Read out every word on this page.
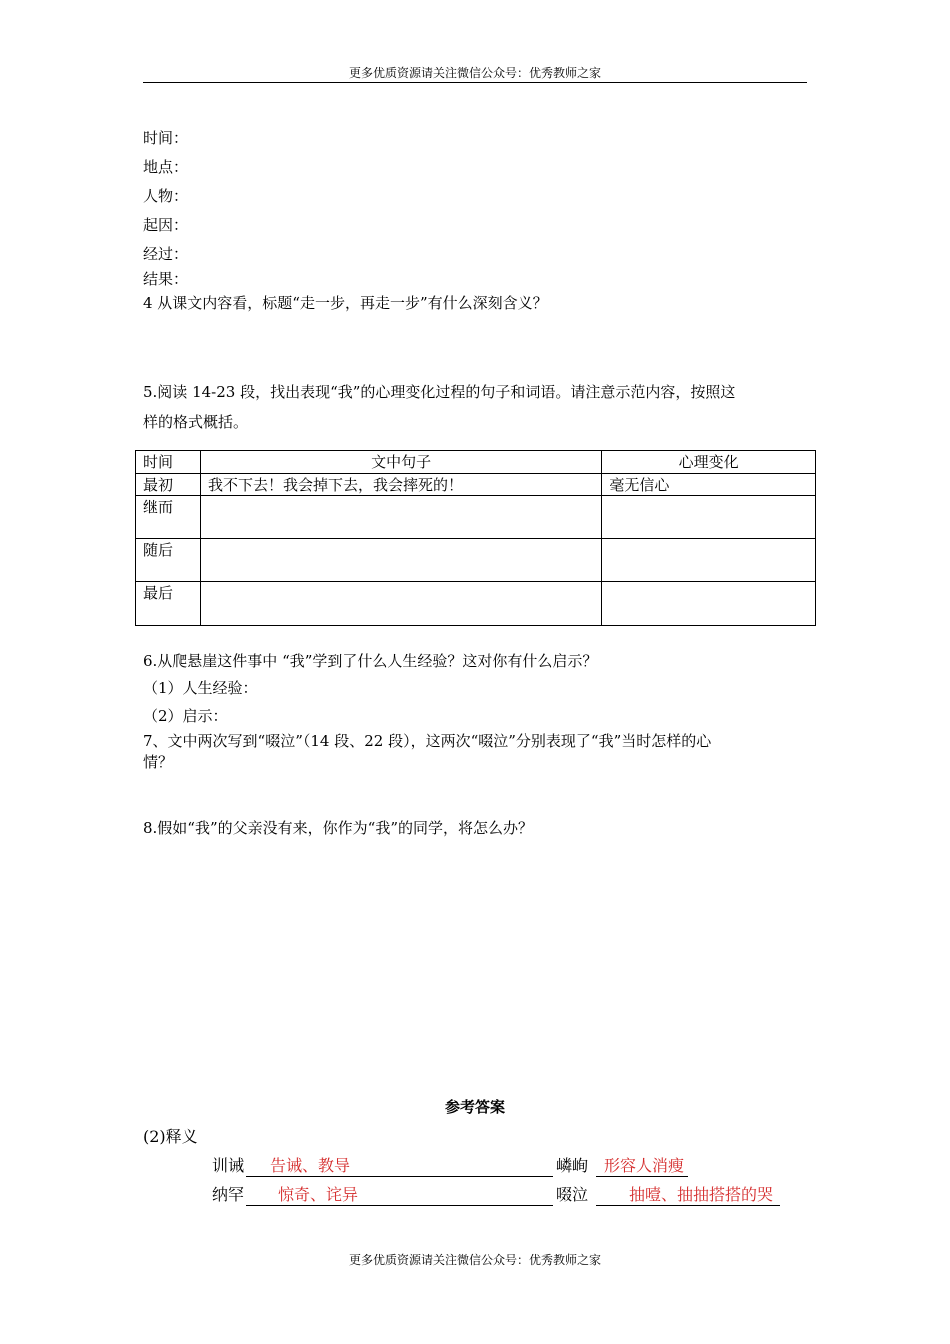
更多优质资源请关注微信公众号：优秀教师之家
时间：
地点：
人物：
起因：
经过：
结果：
4 从课文内容看，标题“走一步，再走一步”有什么深刻含义？
5.阅读 14-23 段，找出表现“我”的心理变化过程的句子和词语。请注意示范内容，按照这
样的格式概括。
时间	文中句子	心理变化
最初	我不下去！我会掉下去，我会摔死的！	毫无信心
继而		
随后		
最后		
6.从爬悬崖这件事中 “我”学到了什么人生经验？这对你有什么启示？
（1）人生经验：
（2）启示：
7、文中两次写到“啜泣”（14 段、22 段），这两次“啜泣”分别表现了“我”当时怎样的心
情？
8.假如“我”的父亲没有来，你作为“我”的同学，将怎么办？
参考答案
(2)释义
训诫	告诫、教导	嶙峋 形容人消瘦
纳罕	惊奇、诧异	啜泣	抽噎、抽抽搭搭的哭
更多优质资源请关注微信公众号：优秀教师之家
